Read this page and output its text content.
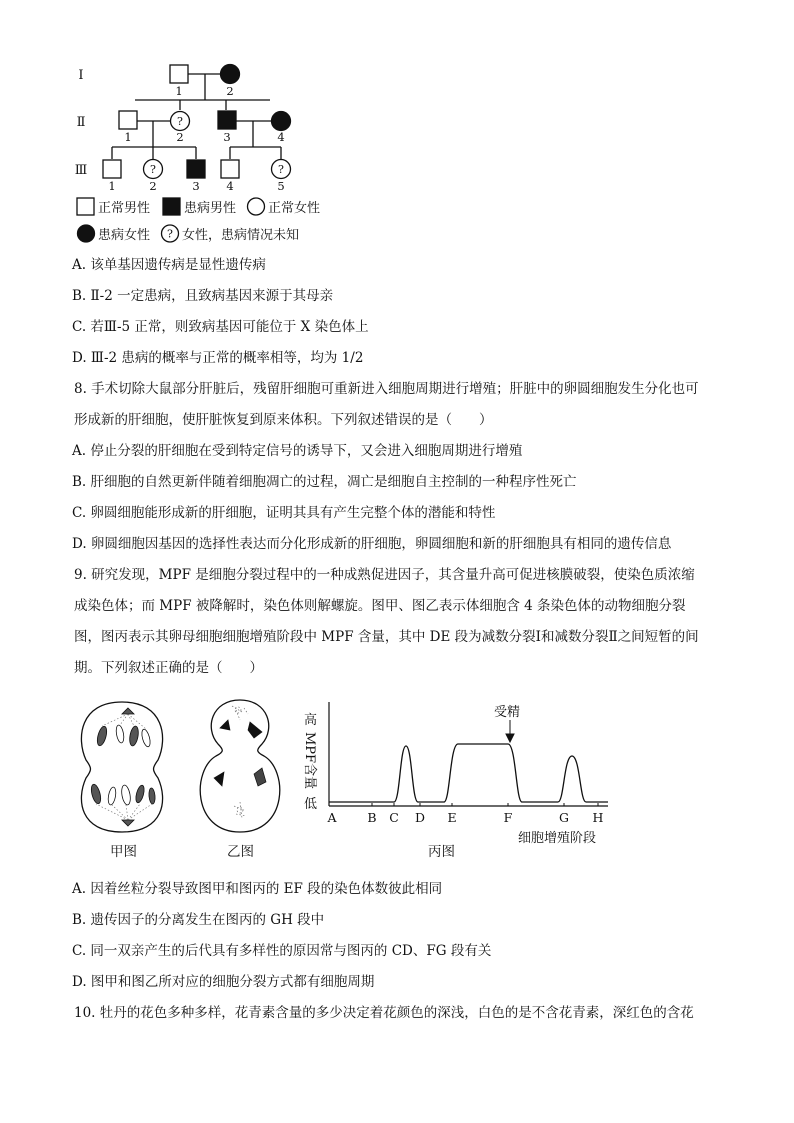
Ⅰ
Ⅱ
Ⅲ
1	2
1	2	3	4
1	2	3 4	5
?
?	?
?
正常男性	患病男性 正常女性
患病女性 女性，患病情况未知
A. 该单基因遗传病是显性遗传病
B. Ⅱ-2 一定患病，且致病基因来源于其母亲
C. 若Ⅲ-5 正常，则致病基因可能位于 X 染色体上
D. Ⅲ-2 患病的概率与正常的概率相等，均为 1/2
8. 手术切除大鼠部分肝脏后，残留肝细胞可重新进入细胞周期进行增殖；肝脏中的卵圆细胞发生分化也可
形成新的肝细胞，使肝脏恢复到原来体积。下列叙述错误的是（　　）
A. 停止分裂的肝细胞在受到特定信号的诱导下，又会进入细胞周期进行增殖
B. 肝细胞的自然更新伴随着细胞凋亡的过程，凋亡是细胞自主控制的一种程序性死亡
C. 卵圆细胞能形成新的肝细胞，证明其具有产生完整个体的潜能和特性
D. 卵圆细胞因基因的选择性表达而分化形成新的肝细胞，卵圆细胞和新的肝细胞具有相同的遗传信息
9. 研究发现，MPF 是细胞分裂过程中的一种成熟促进因子，其含量升高可促进核膜破裂，使染色质浓缩
成染色体；而 MPF 被降解时，染色体则解螺旋。图甲、图乙表示体细胞含 4 条染色体的动物细胞分裂
图，图丙表示其卵母细胞细胞增殖阶段中 MPF 含量，其中 DE 段为减数分裂Ⅰ和减数分裂Ⅱ之间短暂的间
期。下列叙述正确的是（　　）
高
低
MPF含量
受精
细胞增殖阶段
A B C D E	F	G H
甲图	乙图	丙图
A. 因着丝粒分裂导致图甲和图丙的 EF 段的染色体数彼此相同
B. 遗传因子的分离发生在图丙的 GH 段中
C. 同一双亲产生的后代具有多样性的原因常与图丙的 CD、FG 段有关
D. 图甲和图乙所对应的细胞分裂方式都有细胞周期
10. 牡丹的花色多种多样，花青素含量的多少决定着花颜色的深浅，白色的是不含花青素，深红色的含花
